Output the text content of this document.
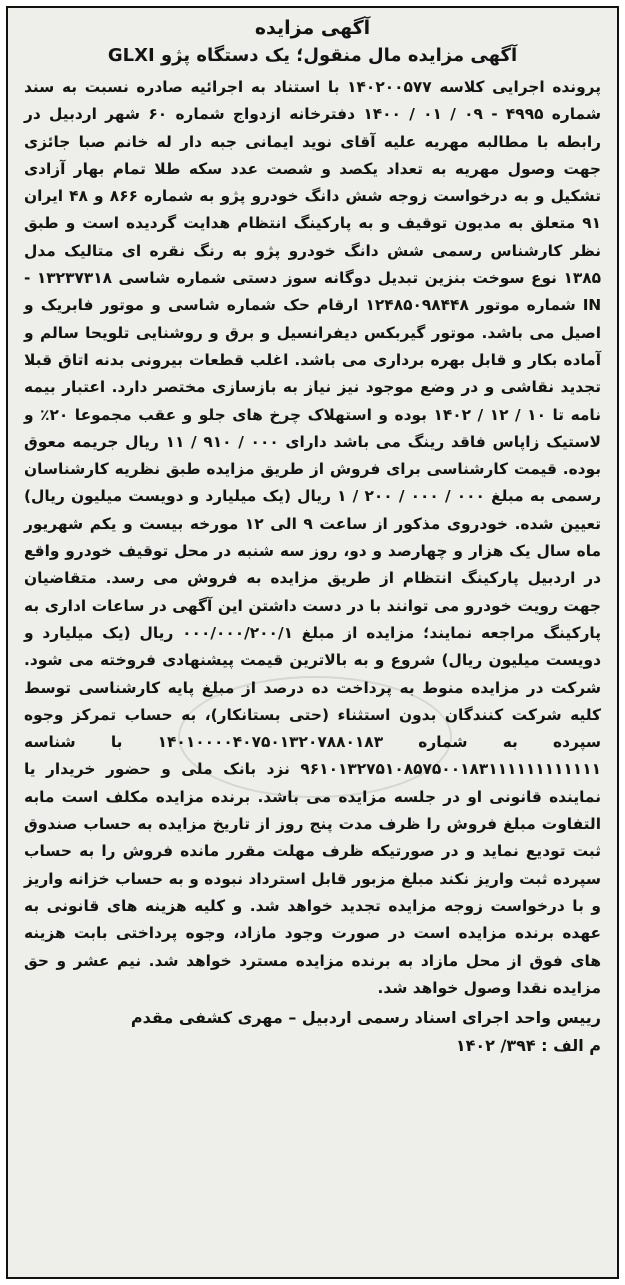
آگهی مزایده

آگهی مزایده مال منقول؛ یک دستگاه پژو GLXI

پرونده اجرایی کلاسه ۱۴۰۲۰۰۵۷۷ با استناد به اجرائیه صادره نسبت به سند شماره ۴۹۹۵ - ۰۹ / ۰۱ / ۱۴۰۰ دفترخانه ازدواج شماره ۶۰ شهر اردبیل در رابطه با مطالبه مهریه علیه آقای نوید ایمانی جبه دار له خانم صبا جائزی جهت وصول مهریه به تعداد یکصد و شصت عدد سکه طلا تمام بهار آزادی تشکیل و به درخواست زوجه شش دانگ خودرو پژو به شماره ۸۶۶ و ۴۸ ایران ۹۱ متعلق به مدیون توقیف و به پارکینگ انتظام هدایت گردیده است و طبق نظر کارشناس رسمی شش دانگ خودرو پژو به رنگ نقره ای متالیک مدل ۱۳۸۵ نوع سوخت بنزین تبدیل دوگانه سوز دستی شماره شاسی ۱۳۲۳۷۳۱۸ - IN شماره موتور ۱۲۴۸۵۰۹۸۴۴۸ ارقام حک شماره شاسی و موتور فابریک و اصیل می باشد. موتور گیربکس دیفرانسیل و برق و روشنایی تلویحا سالم و آماده بکار و قابل بهره برداری می باشد. اغلب قطعات بیرونی بدنه اتاق قبلا تجدید نقاشی و در وضع موجود نیز نیاز به بازسازی مختصر دارد. اعتبار بیمه نامه تا ۱۰ / ۱۲ / ۱۴۰۲ بوده و استهلاک چرخ های جلو و عقب مجموعا ۲۰٪ و لاستیک زاپاس فاقد رینگ می باشد دارای ۰۰۰ / ۹۱۰ / ۱۱ ریال جریمه معوق بوده. قیمت کارشناسی برای فروش از طریق مزایده طبق نظریه کارشناسان رسمی به مبلغ ۰۰۰ / ۰۰۰ / ۲۰۰ / ۱ ریال (یک میلیارد و دویست میلیون ریال) تعیین شده. خودروی مذکور از ساعت ۹ الی ۱۲ مورخه بیست و یکم شهریور ماه سال یک هزار و چهارصد و دو، روز سه شنبه در محل توقیف خودرو واقع در اردبیل پارکینگ انتظام از طریق مزایده به فروش می رسد. متقاضیان جهت رویت خودرو می توانند با در دست داشتن این آگهی در ساعات اداری به پارکینگ مراجعه نمایند؛ مزایده از مبلغ ۰۰۰/۰۰۰/۲۰۰/۱ ریال (یک میلیارد و دویست میلیون ریال) شروع و به بالاترین قیمت پیشنهادی فروخته می شود. شرکت در مزایده منوط به پرداخت ده درصد از مبلغ پایه کارشناسی توسط کلیه شرکت کنندگان بدون استثناء (حتی بستانکار)، به حساب تمرکز وجوه سپرده به شماره ۱۴۰۱۰۰۰۰۴۰۷۵۰۱۳۲۰۷۸۸۰۱۸۳ با شناسه ۹۶۱۰۱۳۲۷۵۱۰۸۵۷۵۰۰۱۸۳۱۱۱۱۱۱۱۱۱۱۱۱ نزد بانک ملی و حضور خریدار یا نماینده قانونی او در جلسه مزایده می باشد. برنده مزایده مکلف است مابه التفاوت مبلغ فروش را ظرف مدت پنج روز از تاریخ مزایده به حساب صندوق ثبت تودیع نماید و در صورتیکه ظرف مهلت مقرر مانده فروش را به حساب سپرده ثبت واریز نکند مبلغ مزبور قابل استرداد نبوده و به حساب خزانه واریز و با درخواست زوجه مزایده تجدید خواهد شد. و کلیه هزینه های قانونی به عهده برنده مزایده است در صورت وجود مازاد، وجوه پرداختی بابت هزینه های فوق از محل مازاد به برنده مزایده مسترد خواهد شد. نیم عشر و حق مزایده نقدا وصول خواهد شد.

رییس واحد اجرای اسناد رسمی اردبیل – مهری کشفی مقدم

م الف : ۳۹۴/ ۱۴۰۲
